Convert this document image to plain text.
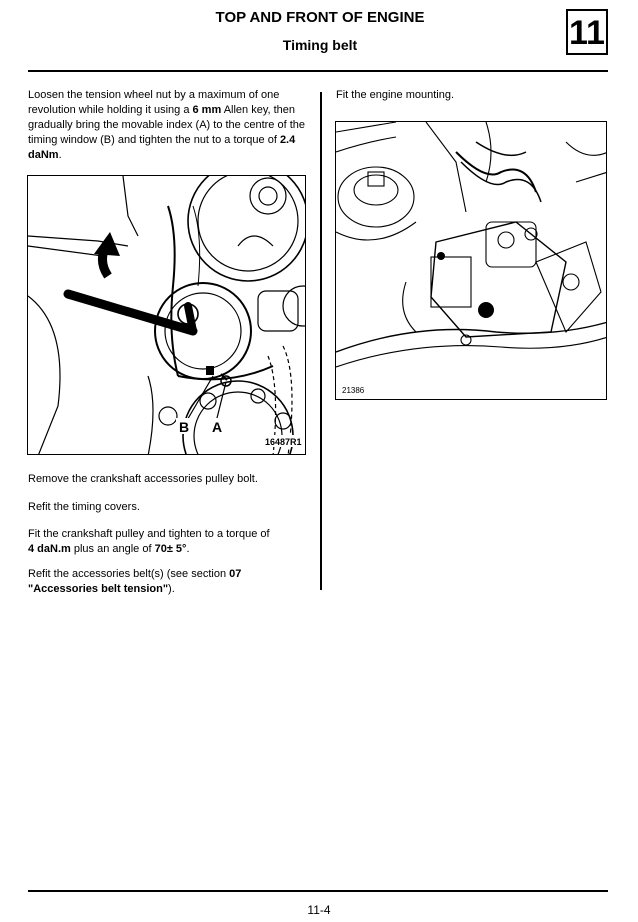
TOP AND FRONT OF ENGINE
Timing belt	11

Loosen the tension wheel nut by a maximum of one revolution while holding it using a 6 mm Allen key, then gradually bring the movable index (A) to the centre of the timing window (B) and tighten the nut to a torque of 2.4 daNm.

B A
16487R1

Remove the crankshaft accessories pulley bolt.

Refit the timing covers.

Fit the crankshaft pulley and tighten to a torque of
4 daN.m plus an angle of 70± 5°.

Refit the accessories belt(s) (see section 07
"Accessories belt tension").

Fit the engine mounting.

21386
11-4
